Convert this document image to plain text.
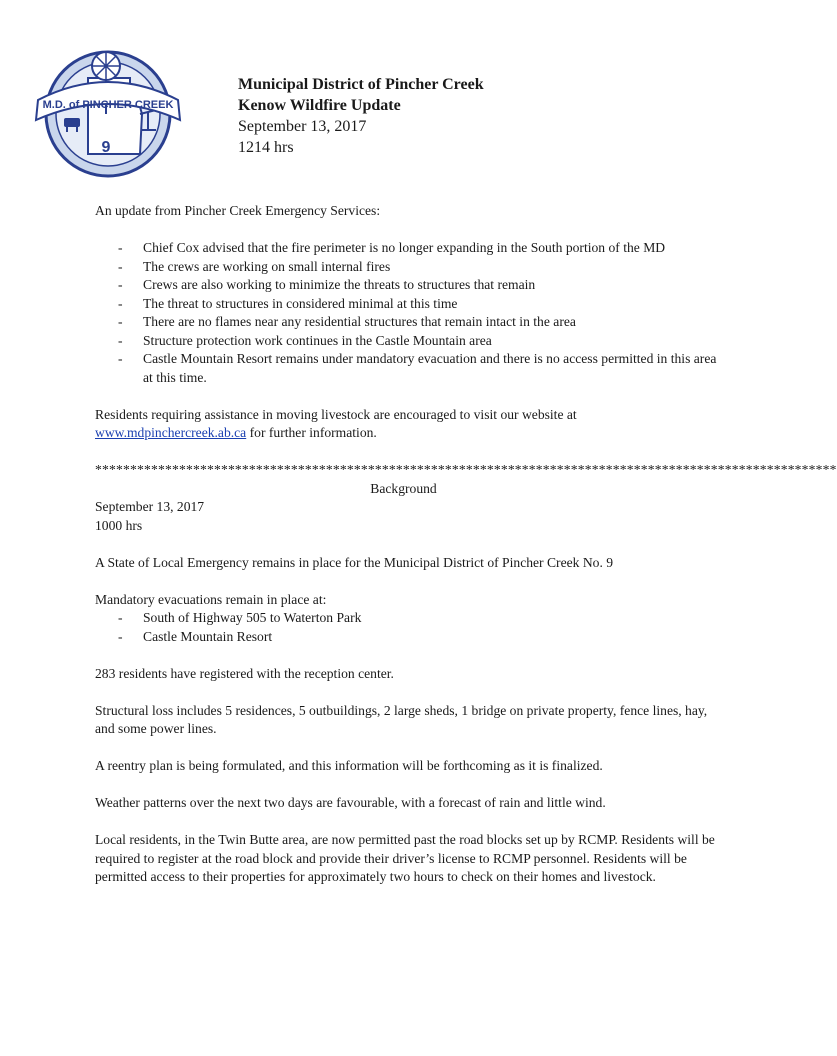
M.D. of PINCHER CREEK
9
Municipal District of Pincher Creek
Kenow Wildfire Update
September 13, 2017
1214 hrs

An update from Pincher Creek Emergency Services:

- Chief Cox advised that the fire perimeter is no longer expanding in the South portion of the MD
- The crews are working on small internal fires
- Crews are also working to minimize the threats to structures that remain
- The threat to structures in considered minimal at this time
- There are no flames near any residential structures that remain intact in the area
- Structure protection work continues in the Castle Mountain area
- Castle Mountain Resort remains under mandatory evacuation and there is no access permitted in this area at this time.

Residents requiring assistance in moving livestock are encouraged to visit our website at www.mdpinchercreek.ab.ca for further information.

**********************************************************************************************************
Background

September 13, 2017

1000 hrs

A State of Local Emergency remains in place for the Municipal District of Pincher Creek No. 9

Mandatory evacuations remain in place at:

- South of Highway 505 to Waterton Park
- Castle Mountain Resort

283 residents have registered with the reception center.

Structural loss includes 5 residences, 5 outbuildings, 2 large sheds, 1 bridge on private property, fence lines, hay, and some power lines.

A reentry plan is being formulated, and this information will be forthcoming as it is finalized.

Weather patterns over the next two days are favourable, with a forecast of rain and little wind.

Local residents, in the Twin Butte area, are now permitted past the road blocks set up by RCMP. Residents will be required to register at the road block and provide their driver’s license to RCMP personnel. Residents will be permitted access to their properties for approximately two hours to check on their homes and livestock.
